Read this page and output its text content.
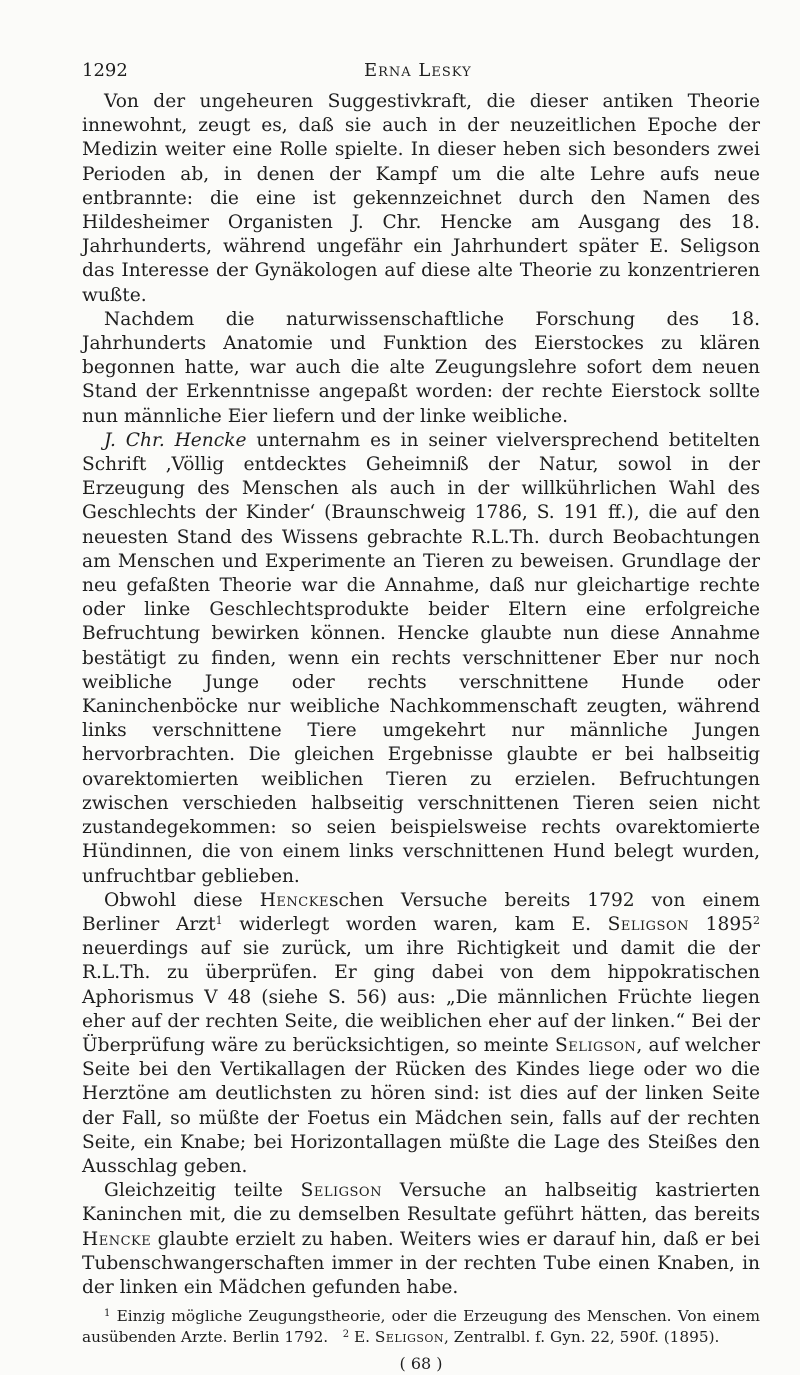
1292	Erna Lesky

Von der ungeheuren Suggestivkraft, die dieser antiken Theorie innewohnt, zeugt es, daß sie auch in der neuzeitlichen Epoche der Medizin weiter eine Rolle spielte. In dieser heben sich besonders zwei Perioden ab, in denen der Kampf um die alte Lehre aufs neue entbrannte: die eine ist gekennzeichnet durch den Namen des Hildesheimer Organisten J. Chr. Hencke am Ausgang des 18. Jahrhunderts, während ungefähr ein Jahrhundert später E. Seligson das Interesse der Gynäkologen auf diese alte Theorie zu konzentrieren wußte.

Nachdem die naturwissenschaftliche Forschung des 18. Jahrhunderts Anatomie und Funktion des Eierstockes zu klären begonnen hatte, war auch die alte Zeugungslehre sofort dem neuen Stand der Erkenntnisse angepaßt worden: der rechte Eierstock sollte nun männliche Eier liefern und der linke weibliche.

J. Chr. Hencke unternahm es in seiner vielversprechend betitelten Schrift ‚Völlig entdecktes Geheimniß der Natur, sowol in der Erzeugung des Menschen als auch in der willkührlichen Wahl des Geschlechts der Kinder‘ (Braunschweig 1786, S. 191 ff.), die auf den neuesten Stand des Wissens gebrachte R.L.Th. durch Beobachtungen am Menschen und Experimente an Tieren zu beweisen. Grundlage der neu gefaßten Theorie war die Annahme, daß nur gleichartige rechte oder linke Geschlechtsprodukte beider Eltern eine erfolgreiche Befruchtung bewirken können. Hencke glaubte nun diese Annahme bestätigt zu finden, wenn ein rechts verschnittener Eber nur noch weibliche Junge oder rechts verschnittene Hunde oder Kaninchenböcke nur weibliche Nachkommenschaft zeugten, während links verschnittene Tiere umgekehrt nur männliche Jungen hervorbrachten. Die gleichen Ergebnisse glaubte er bei halbseitig ovarektomierten weiblichen Tieren zu erzielen. Befruchtungen zwischen verschieden halbseitig verschnittenen Tieren seien nicht zustandegekommen: so seien beispielsweise rechts ovarektomierte Hündinnen, die von einem links verschnittenen Hund belegt wurden, unfruchtbar geblieben.

Obwohl diese Henckeschen Versuche bereits 1792 von einem Berliner Arzt$^1$ widerlegt worden waren, kam E. Seligson 1895$^2$ neuerdings auf sie zurück, um ihre Richtigkeit und damit die der R.L.Th. zu überprüfen. Er ging dabei von dem hippokratischen Aphorismus V 48 (siehe S. 56) aus: „Die männlichen Früchte liegen eher auf der rechten Seite, die weiblichen eher auf der linken.“ Bei der Überprüfung wäre zu berücksichtigen, so meinte Seligson, auf welcher Seite bei den Vertikallagen der Rücken des Kindes liege oder wo die Herztöne am deutlichsten zu hören sind: ist dies auf der linken Seite der Fall, so müßte der Foetus ein Mädchen sein, falls auf der rechten Seite, ein Knabe; bei Horizontallagen müßte die Lage des Steißes den Ausschlag geben.

Gleichzeitig teilte Seligson Versuche an halbseitig kastrierten Kaninchen mit, die zu demselben Resultate geführt hätten, das bereits Hencke glaubte erzielt zu haben. Weiters wies er darauf hin, daß er bei Tubenschwangerschaften immer in der rechten Tube einen Knaben, in der linken ein Mädchen gefunden habe.

$^1$ Einzig mögliche Zeugungstheorie, oder die Erzeugung des Menschen. Von einem ausübenden Arzte. Berlin 1792. $^2$ E. Seligson, Zentralbl. f. Gyn. 22, 590f. (1895).

( 68 )
